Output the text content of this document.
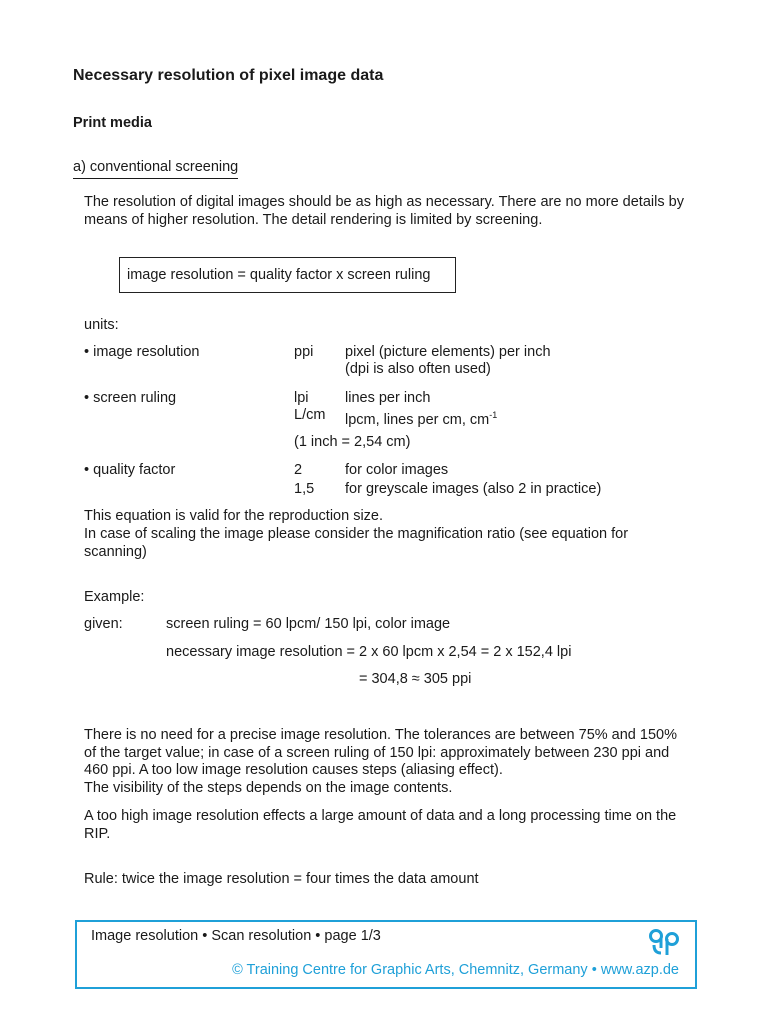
Necessary resolution of pixel image data
Print media
a) conventional screening
The resolution of digital images should be as high as necessary. There are no more details by means of higher resolution. The detail rendering is limited by screening.
image resolution = quality factor x screen ruling
units:
• image resolution	ppi pixel (picture elements) per inch
(dpi is also often used)
• screen ruling	lpi	lines per inch
L/cm lpcm, lines per cm, $cm^{-1}$
(1 inch = 2,54 cm)
• quality factor	2	for color images
1,5 for greyscale images (also 2 in practice)
This equation is valid for the reproduction size.
In case of scaling the image please consider the magnification ratio (see equation for scanning)
Example:
given:	screen ruling = 60 lpcm/ 150 lpi, color image
necessary image resolution = 2 x 60 lpcm x 2,54 = 2 x 152,4 lpi
= 304,8 ≈ 305 ppi
There is no need for a precise image resolution. The tolerances are between 75% and 150% of the target value; in case of a screen ruling of 150 lpi: approximately between 230 ppi and 460 ppi. A too low image resolution causes steps (aliasing effect).
The visibility of the steps depends on the image contents.
A too high image resolution effects a large amount of data and a long processing time on the RIP.
Rule: twice the image resolution = four times the data amount
Image resolution • Scan resolution • page 1/3
© Training Centre for Graphic Arts, Chemnitz, Germany • www.azp.de
